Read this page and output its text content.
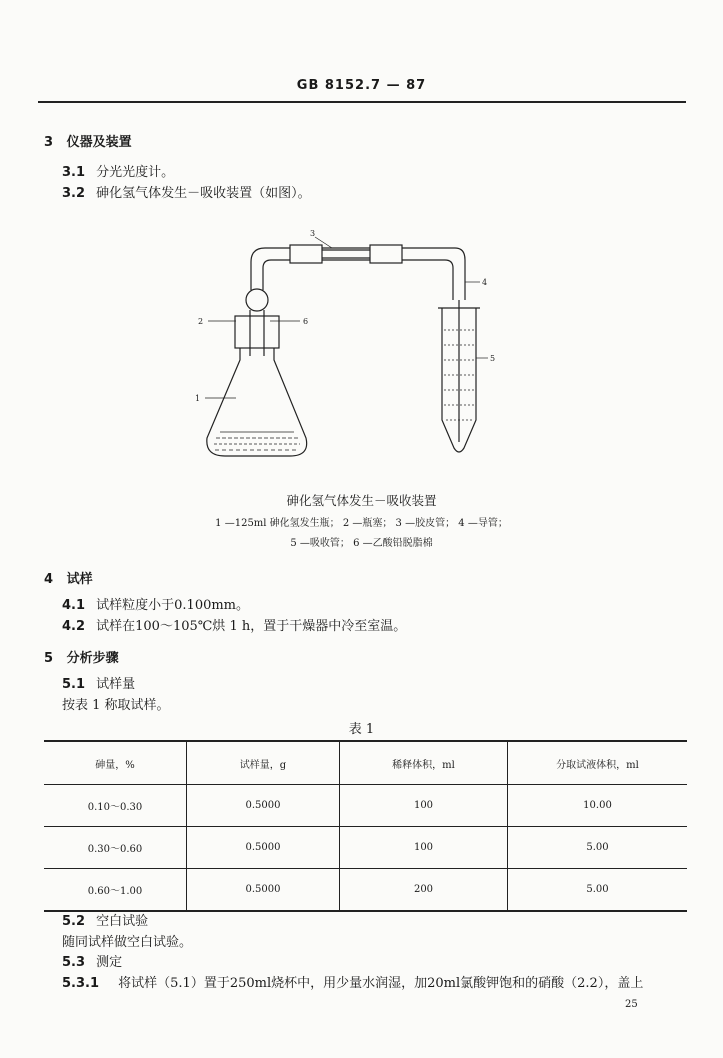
GB 8152.7 — 87
3 仪器及装置
3.1 分光光度计。
3.2 砷化氢气体发生－吸收装置（如图）。
3
2	6
4
5
1
砷化氢气体发生－吸收装置
1 —125ml 砷化氢发生瓶； 2 —瓶塞； 3 —胶皮管； 4 —导管；
5 —吸收管； 6 —乙酸铅脱脂棉
4 试样
4.1 试样粒度小于0.100mm。
4.2 试样在100～105℃烘 1 h，置于干燥器中冷至室温。
5 分析步骤
5.1 试样量
按表 1 称取试样。
表 1
砷量，%	试样量，g	稀释体积，ml	分取试液体积，ml
0.10～0.30	0.5000	100	10.00
0.30～0.60	0.5000	100	5.00
0.60～1.00	0.5000	200	5.00
5.2 空白试验
随同试样做空白试验。
5.3 测定
5.3.1 将试样（5.1）置于250ml烧杯中，用少量水润湿，加20ml氯酸钾饱和的硝酸（2.2），盖上
25
